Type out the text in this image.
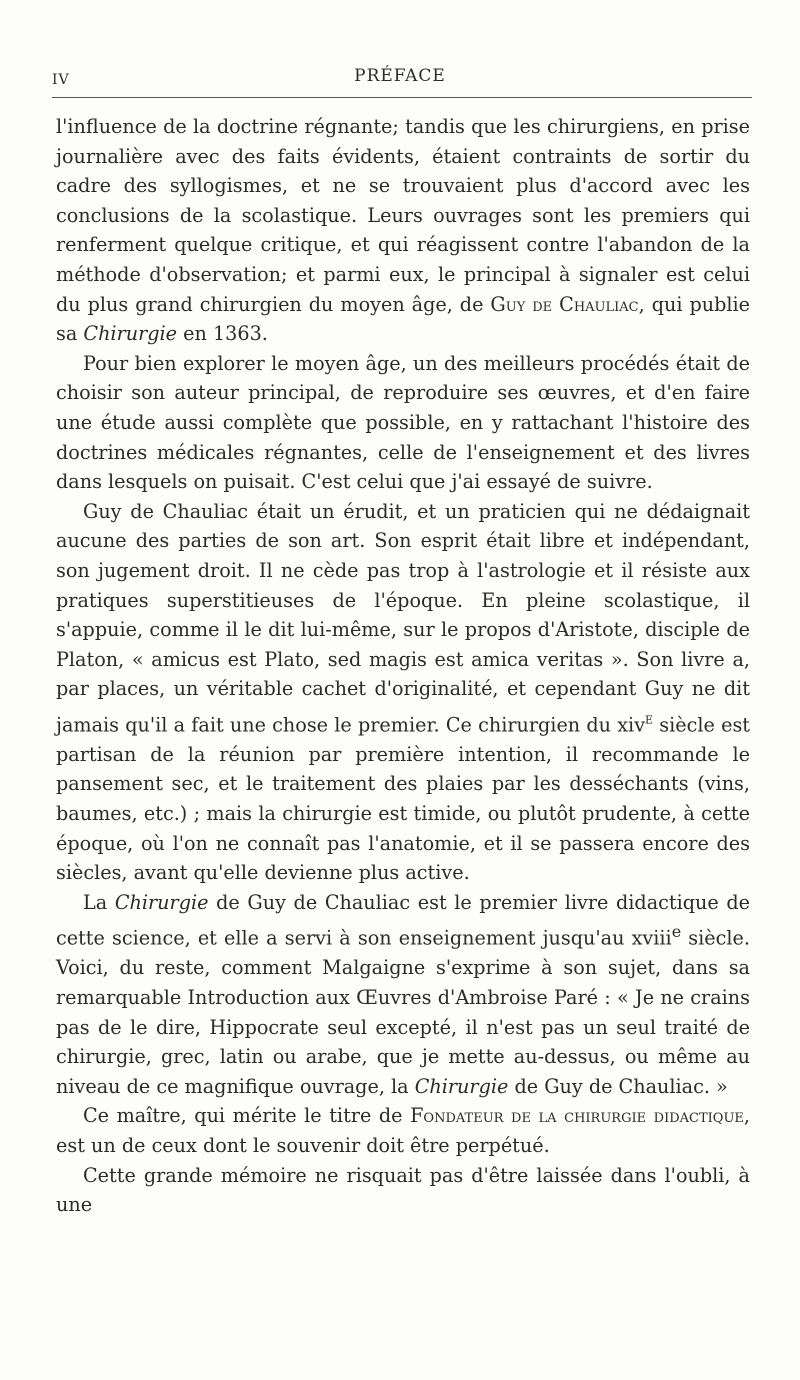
IV	PRÉFACE

l'influence de la doctrine régnante; tandis que les chirurgiens, en prise journalière avec des faits évidents, étaient contraints de sortir du cadre des syllogismes, et ne se trouvaient plus d'accord avec les conclusions de la scolastique. Leurs ouvrages sont les premiers qui renferment quelque critique, et qui réagissent contre l'abandon de la méthode d'observation; et parmi eux, le principal à signaler est celui du plus grand chirurgien du moyen âge, de Guy de Chauliac, qui publie sa Chirurgie en 1363.

Pour bien explorer le moyen âge, un des meilleurs procédés était de choisir son auteur principal, de reproduire ses œuvres, et d'en faire une étude aussi complète que possible, en y rattachant l'histoire des doctrines médicales régnantes, celle de l'enseignement et des livres dans lesquels on puisait. C'est celui que j'ai essayé de suivre.

Guy de Chauliac était un érudit, et un praticien qui ne dédaignait aucune des parties de son art. Son esprit était libre et indépendant, son jugement droit. Il ne cède pas trop à l'astrologie et il résiste aux pratiques superstitieuses de l'époque. En pleine scolastique, il s'appuie, comme il le dit lui-même, sur le propos d'Aristote, disciple de Platon, « amicus est Plato, sed magis est amica veritas ». Son livre a, par places, un véritable cachet d'originalité, et cependant Guy ne dit jamais qu'il a fait une chose le premier. Ce chirurgien du xiv$^e$ siècle est partisan de la réunion par première intention, il recommande le pansement sec, et le traitement des plaies par les desséchants (vins, baumes, etc.) ; mais la chirurgie est timide, ou plutôt prudente, à cette époque, où l'on ne connaît pas l'anatomie, et il se passera encore des siècles, avant qu'elle devienne plus active.

La Chirurgie de Guy de Chauliac est le premier livre didactique de cette science, et elle a servi à son enseignement jusqu'au xviii$^e$ siècle. Voici, du reste, comment Malgaigne s'exprime à son sujet, dans sa remarquable Introduction aux Œuvres d'Ambroise Paré : « Je ne crains pas de le dire, Hippocrate seul excepté, il n'est pas un seul traité de chirurgie, grec, latin ou arabe, que je mette au-dessus, ou même au niveau de ce magnifique ouvrage, la Chirurgie de Guy de Chauliac. »

Ce maître, qui mérite le titre de Fondateur de la chirurgie didactique, est un de ceux dont le souvenir doit être perpétué.

Cette grande mémoire ne risquait pas d'être laissée dans l'oubli, à une
